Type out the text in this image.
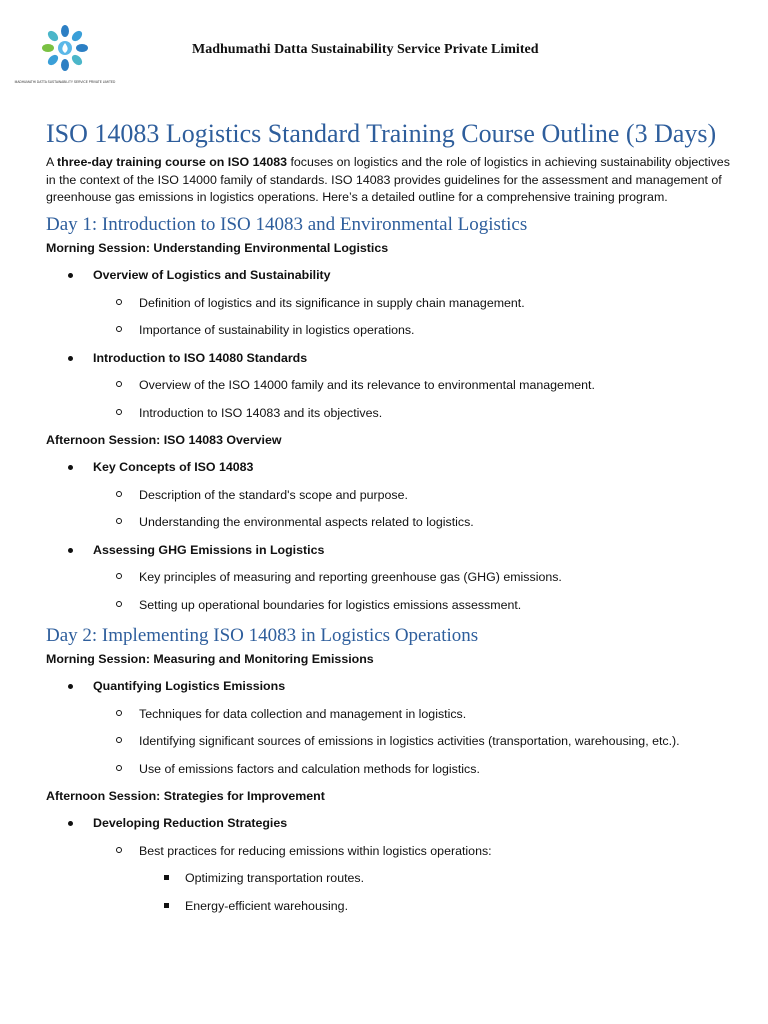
MADHUMATHI DATTA SUSTAINABILITY SERVICE PRIVATE LIMITED
Madhumathi Datta Sustainability Service Private Limited
ISO 14083 Logistics Standard Training Course Outline (3 Days)

A three-day training course on ISO 14083 focuses on logistics and the role of logistics in achieving sustainability objectives in the context of the ISO 14000 family of standards. ISO 14083 provides guidelines for the assessment and management of greenhouse gas emissions in logistics operations. Here’s a detailed outline for a comprehensive training program.

Day 1: Introduction to ISO 14083 and Environmental Logistics

Morning Session: Understanding Environmental Logistics

Overview of Logistics and Sustainability
Definition of logistics and its significance in supply chain management.
Importance of sustainability in logistics operations.
Introduction to ISO 14080 Standards
Overview of the ISO 14000 family and its relevance to environmental management.
Introduction to ISO 14083 and its objectives.

Afternoon Session: ISO 14083 Overview

Key Concepts of ISO 14083
Description of the standard's scope and purpose.
Understanding the environmental aspects related to logistics.
Assessing GHG Emissions in Logistics
Key principles of measuring and reporting greenhouse gas (GHG) emissions.
Setting up operational boundaries for logistics emissions assessment.
Day 2: Implementing ISO 14083 in Logistics Operations

Morning Session: Measuring and Monitoring Emissions

Quantifying Logistics Emissions
Techniques for data collection and management in logistics.
Identifying significant sources of emissions in logistics activities (transportation, warehousing, etc.).
Use of emissions factors and calculation methods for logistics.

Afternoon Session: Strategies for Improvement

Developing Reduction Strategies
Best practices for reducing emissions within logistics operations:
Optimizing transportation routes.
Energy-efficient warehousing.
